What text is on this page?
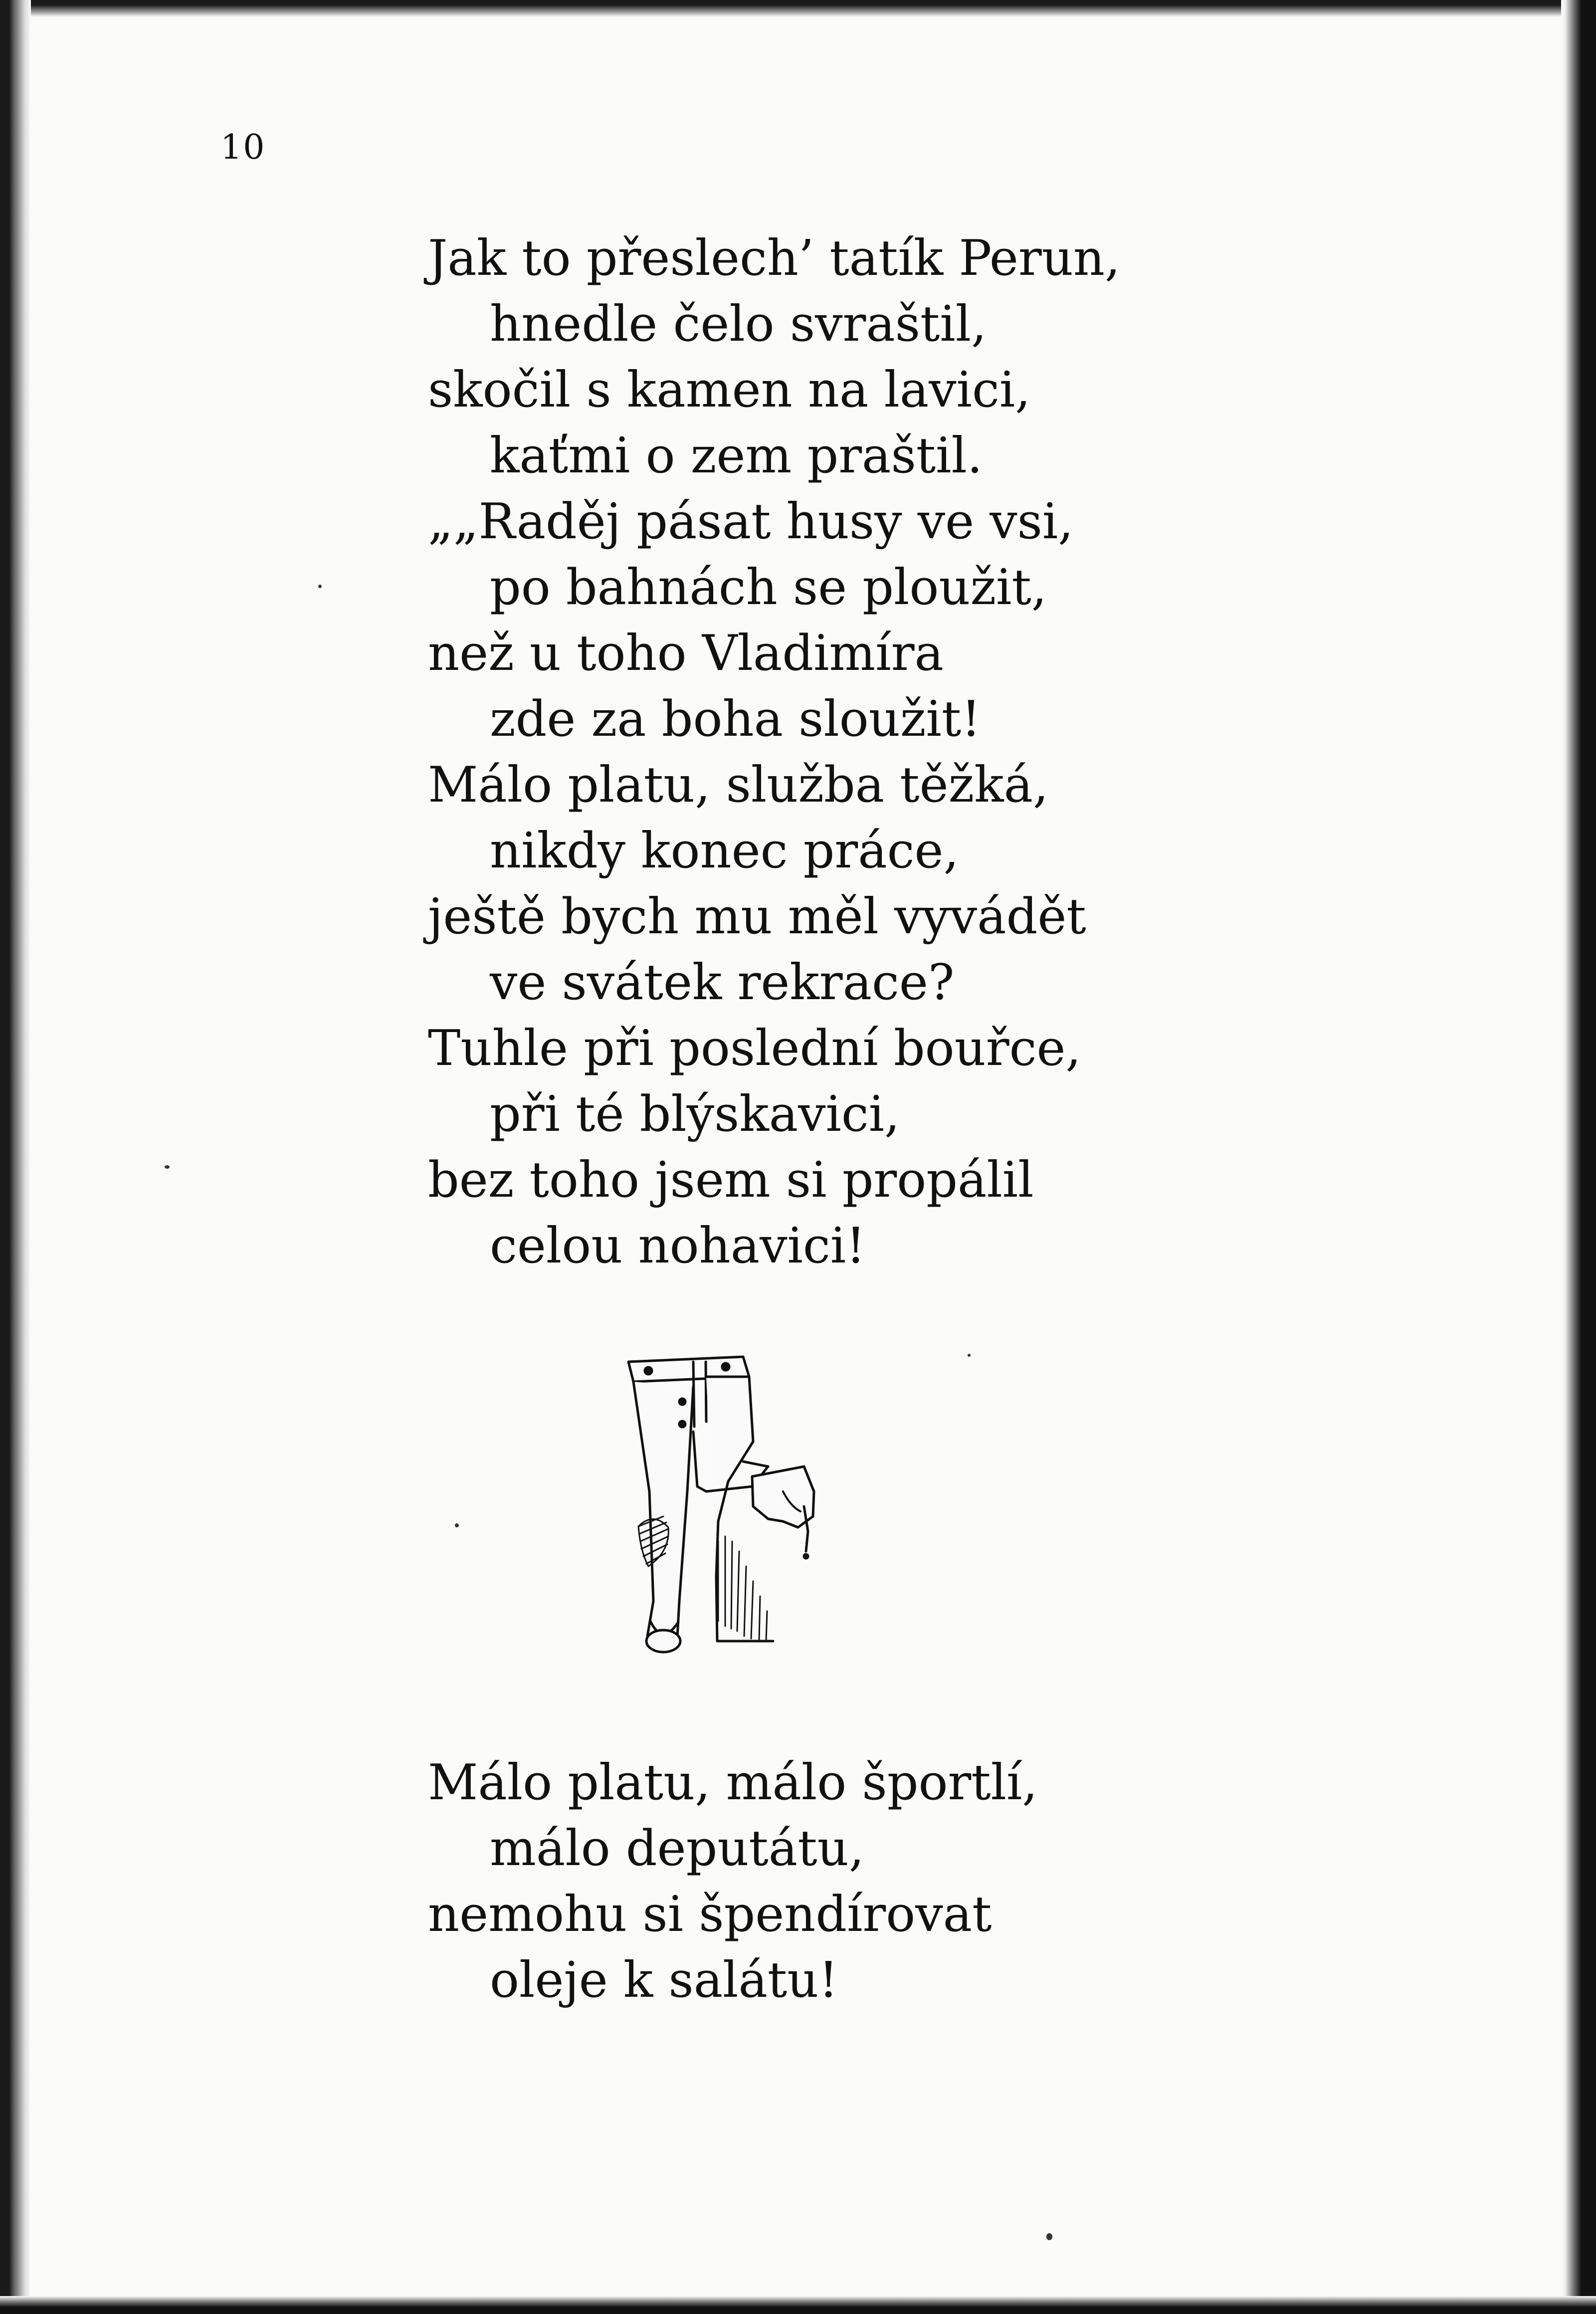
10
Jak to přeslech’ tatík Perun,
hnedle čelo svraštil,
skočil s kamen na lavici,
kaťmi o zem praštil.
„„Raděj pásat husy ve vsi,
po bahnách se ploužit,
než u toho Vladimíra
zde za boha sloužit!
Málo platu, služba těžká,
nikdy konec práce,
ještě bych mu měl vyvádět
ve svátek rekrace?
Tuhle při poslední bouřce,
při té blýskavici,
bez toho jsem si propálil
celou nohavici!
Málo platu, málo športlí,
málo deputátu,
nemohu si špendírovat
oleje k salátu!
